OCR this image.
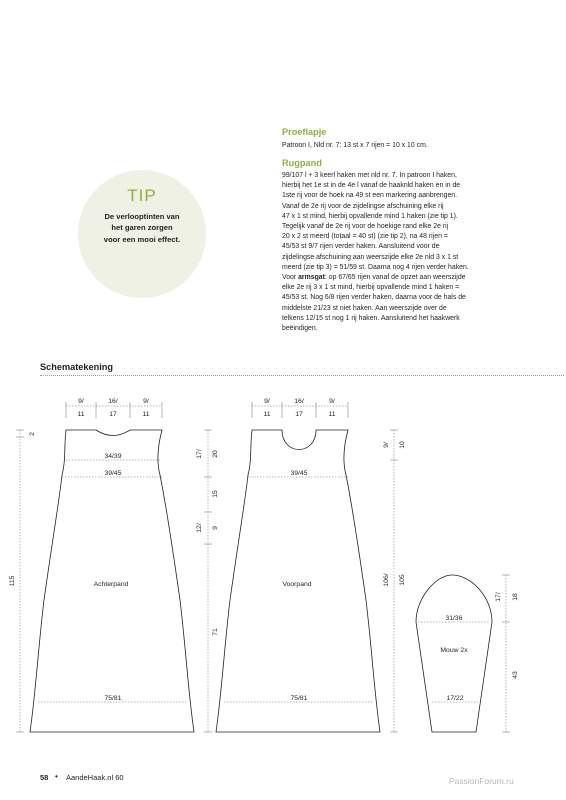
TIP
De verlooptinten van
het garen zorgen
voor een mooi effect.
Proeflapje
Patroon I, Nld nr. 7: 13 st x 7 rijen = 10 x 10 cm.
Rugpand
99/107 l + 3 keerl haken met nld nr. 7. In patroon I haken,
hierbij het 1e st in de 4e l vanaf de haaknld haken en in de
1ste rij voor de hoek na 49 st een markering aanbrengen.
Vanaf de 2e rij voor de zijdelingse afschuining elke rij
47 x 1 st mind, hierbij opvallende mind 1 haken (zie tip 1).
Tegelijk vanaf de 2e rij voor de hoekige rand elke 2e rij
20 x 2 st meerd (totaal = 40 st) (zie tip 2), na 48 rijen =
45/53 st 9/7 rijen verder haken. Aansluitend voor de
zijdelingse afschuining aan weerszijde elke 2e nld 3 x 1 st
meerd (zie tip 3) = 51/59 st. Daarna nog 4 rijen verder haken.
Voor armsgat: op 67/65 rijen vanaf de opzet aan weerszijde
elke 2e rij 3 x 1 st mind, hierbij opvallende mind 1 haken =
45/53 st. Nog 6/8 rijen verder haken, daarna voor de hals de
middelste 21/23 st niet haken. Aan weerszijde over de
telkens 12/15 st nog 1 rij haken. Aansluitend het haakwerk
beëindigen.
Schematekening
9/	16/	9/
11	17	11
2
115
34/39
39/45
Achterpand
75/81
9/	16/	9/
11	17	11
17/ 20
15
12/ 9
71
9/ 10
106/ 105
39/45
Voorpand
75/81
31/36
Mouw 2x
17/22
17/ 18
43
58 • AandeHaak.nl 60	PassionForum.ru
